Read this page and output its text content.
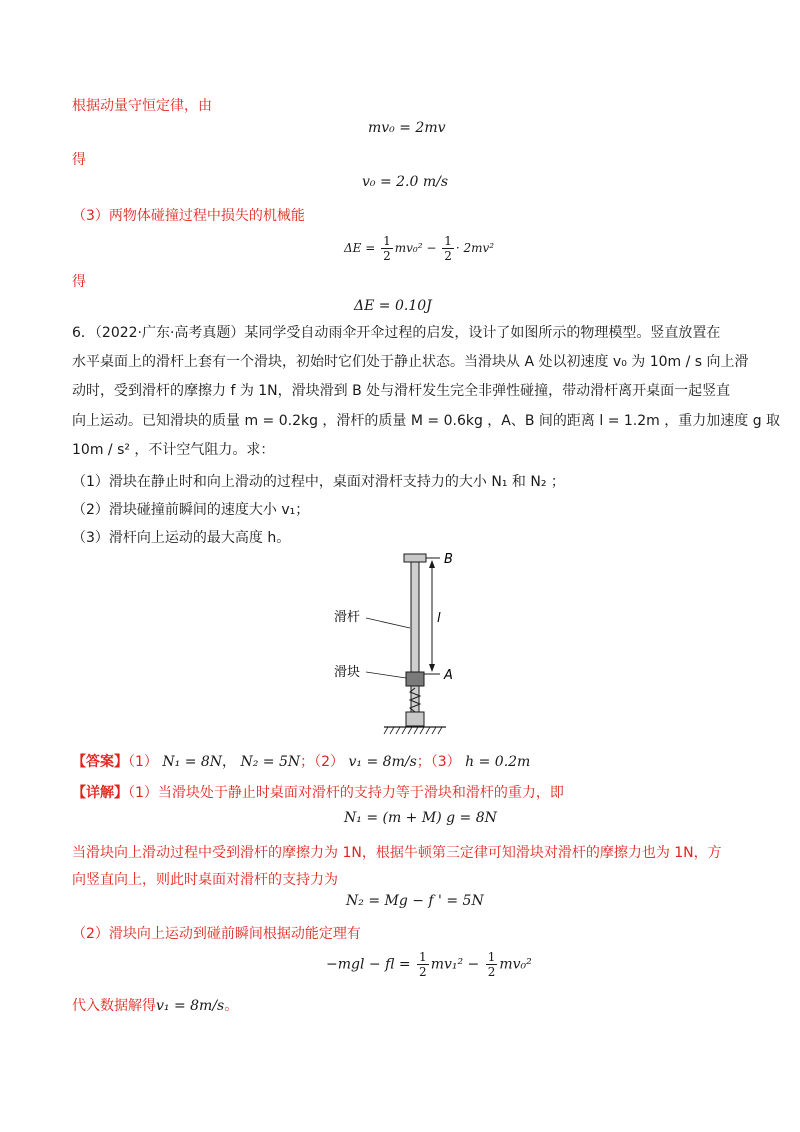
根据动量守恒定律，由
mv₀ = 2mv
得
v₀ = 2.0 m/s
（3）两物体碰撞过程中损失的机械能
$\Delta E = \frac{1}{2} mv_0^2 - \frac{1}{2} \cdot 2mv^2$
得
ΔE = 0.10J
6．（2022·广东·高考真题）某同学受自动雨伞开伞过程的启发，设计了如图所示的物理模型。竖直放置在
水平桌面上的滑杆上套有一个滑块，初始时它们处于静止状态。当滑块从 A 处以初速度 v₀ 为 10m / s 向上滑
动时，受到滑杆的摩擦力 f 为 1N，滑块滑到 B 处与滑杆发生完全非弹性碰撞，带动滑杆离开桌面一起竖直
向上运动。已知滑块的质量 m = 0.2kg ，滑杆的质量 M = 0.6kg ，A、B 间的距离 l = 1.2m ，重力加速度 g 取
10m / s² ，不计空气阻力。求：
（1）滑块在静止时和向上滑动的过程中，桌面对滑杆支持力的大小 N₁ 和 N₂ ；
（2）滑块碰撞前瞬间的速度大小 v₁；
（3）滑杆向上运动的最大高度 h。
B
A
l
滑杆
滑块
【答案】（1） N₁ = 8N， N₂ = 5N；（2） v₁ = 8m/s；（3） h = 0.2m
【详解】（1）当滑块处于静止时桌面对滑杆的支持力等于滑块和滑杆的重力，即
N₁ = (m + M) g = 8N
当滑块向上滑动过程中受到滑杆的摩擦力为 1N，根据牛顿第三定律可知滑块对滑杆的摩擦力也为 1N，方
向竖直向上，则此时桌面对滑杆的支持力为
N₂ = Mg − f ' = 5N
（2）滑块向上运动到碰前瞬间根据动能定理有
−mgl − fl = $\frac{1}{2} mv_1^2 - \frac{1}{2} mv_0^2$
代入数据解得v₁ = 8m/s。
